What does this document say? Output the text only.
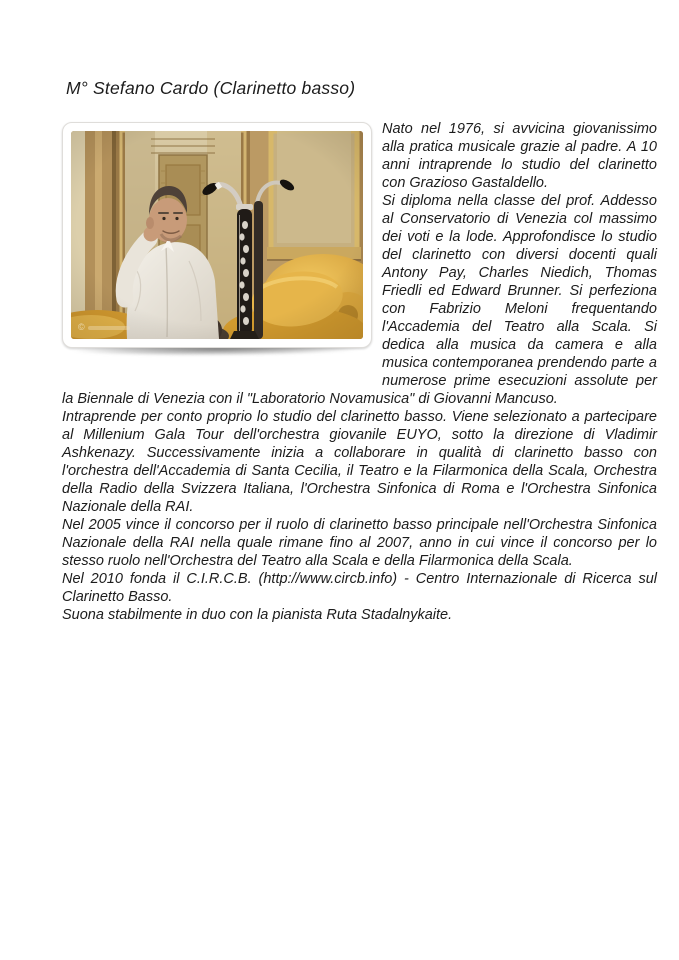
M° Stefano Cardo (Clarinetto basso)
©

Nato nel 1976, si avvicina giovanissimo alla pratica musicale grazie al padre. A 10 anni intraprende lo studio del clarinetto con Grazioso Gastaldello.

Si diploma nella classe del prof. Addesso al Conservatorio di Venezia col massimo dei voti e la lode. Approfondisce lo studio del clarinetto con diversi docenti quali Antony Pay, Charles Niedich, Thomas Friedli ed Edward Brunner. Si perfeziona con Fabrizio Meloni frequentando l'Accademia del Teatro alla Scala. Si dedica alla musica da camera e alla musica contemporanea prendendo parte a numerose prime esecuzioni assolute per la Biennale di Venezia con il "Laboratorio Novamusica" di Giovanni Mancuso.

Intraprende per conto proprio lo studio del clarinetto basso. Viene selezionato a partecipare al Millenium Gala Tour dell'orchestra giovanile EUYO, sotto la direzione di Vladimir Ashkenazy. Successivamente inizia a collaborare in qualità di clarinetto basso con l'orchestra dell'Accademia di Santa Cecilia, il Teatro e la Filarmonica della Scala, Orchestra della Radio della Svizzera Italiana, l'Orchestra Sinfonica di Roma e l'Orchestra Sinfonica Nazionale della RAI.

Nel 2005 vince il concorso per il ruolo di clarinetto basso principale nell'Orchestra Sinfonica Nazionale della RAI nella quale rimane fino al 2007, anno in cui vince il concorso per lo stesso ruolo nell'Orchestra del Teatro alla Scala e della Filarmonica della Scala.

Nel 2010 fonda il C.I.R.C.B. (http://www.circb.info) - Centro Internazionale di Ricerca sul Clarinetto Basso.

Suona stabilmente in duo con la pianista Ruta Stadalnykaite.
